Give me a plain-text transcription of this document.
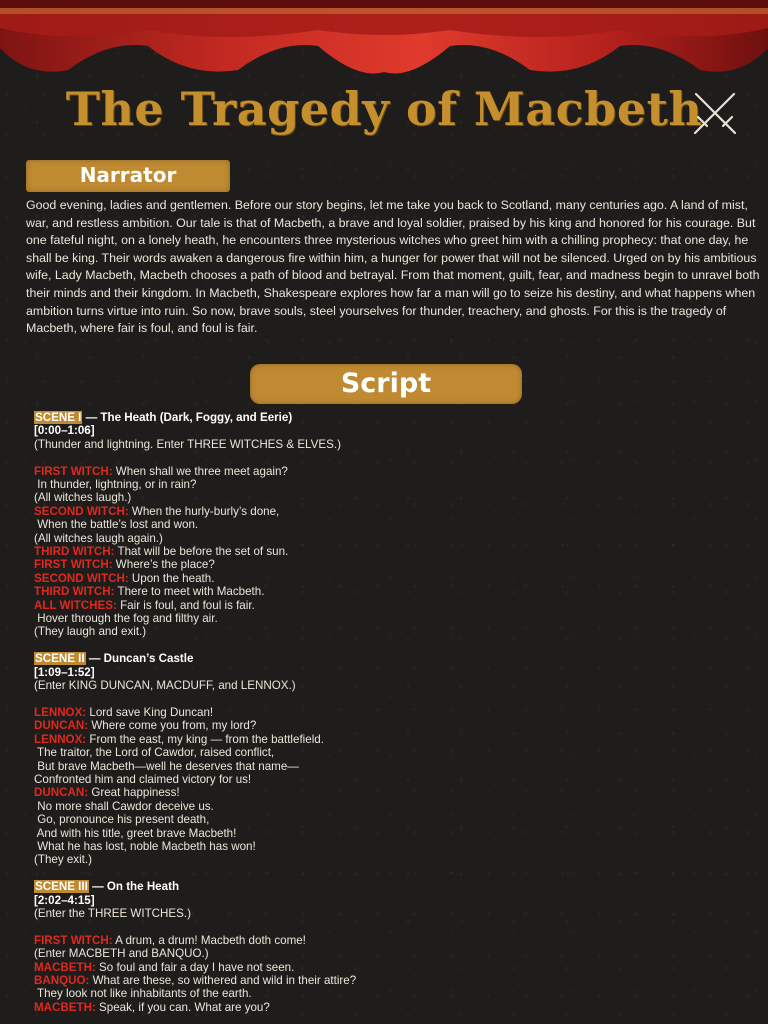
The Tragedy of Macbeth
Narrator

Good evening, ladies and gentlemen. Before our story begins, let me take you back to Scotland, many centuries ago. A land of mist, war, and restless ambition. Our tale is that of Macbeth, a brave and loyal soldier, praised by his king and honored for his courage. But one fateful night, on a lonely heath, he encounters three mysterious witches who greet him with a chilling prophecy: that one day, he shall be king. Their words awaken a dangerous fire within him, a hunger for power that will not be silenced. Urged on by his ambitious wife, Lady Macbeth, Macbeth chooses a path of blood and betrayal. From that moment, guilt, fear, and madness begin to unravel both their minds and their kingdom. In Macbeth, Shakespeare explores how far a man will go to seize his destiny, and what happens when ambition turns virtue into ruin. So now, brave souls, steel yourselves for thunder, treachery, and ghosts. For this is the tragedy of Macbeth, where fair is foul, and foul is fair.

Script
SCENE I — The Heath (Dark, Foggy, and Eerie)
[0:00–1:06]
(Thunder and lightning. Enter THREE WITCHES & ELVES.)
FIRST WITCH: When shall we three meet again?
In thunder, lightning, or in rain?
(All witches laugh.)
SECOND WITCH: When the hurly-burly’s done,
When the battle’s lost and won.
(All witches laugh again.)
THIRD WITCH: That will be before the set of sun.
FIRST WITCH: Where’s the place?
SECOND WITCH: Upon the heath.
THIRD WITCH: There to meet with Macbeth.
ALL WITCHES: Fair is foul, and foul is fair.
Hover through the fog and filthy air.
(They laugh and exit.)
SCENE II — Duncan’s Castle
[1:09–1:52]
(Enter KING DUNCAN, MACDUFF, and LENNOX.)
LENNOX: Lord save King Duncan!
DUNCAN: Where come you from, my lord?
LENNOX: From the east, my king — from the battlefield.
The traitor, the Lord of Cawdor, raised conflict,
But brave Macbeth—well he deserves that name—
Confronted him and claimed victory for us!
DUNCAN: Great happiness!
No more shall Cawdor deceive us.
Go, pronounce his present death,
And with his title, greet brave Macbeth!
What he has lost, noble Macbeth has won!
(They exit.)
SCENE III — On the Heath
[2:02–4:15]
(Enter the THREE WITCHES.)
FIRST WITCH: A drum, a drum! Macbeth doth come!
(Enter MACBETH and BANQUO.)
MACBETH: So foul and fair a day I have not seen.
BANQUO: What are these, so withered and wild in their attire?
They look not like inhabitants of the earth.
MACBETH: Speak, if you can. What are you?
